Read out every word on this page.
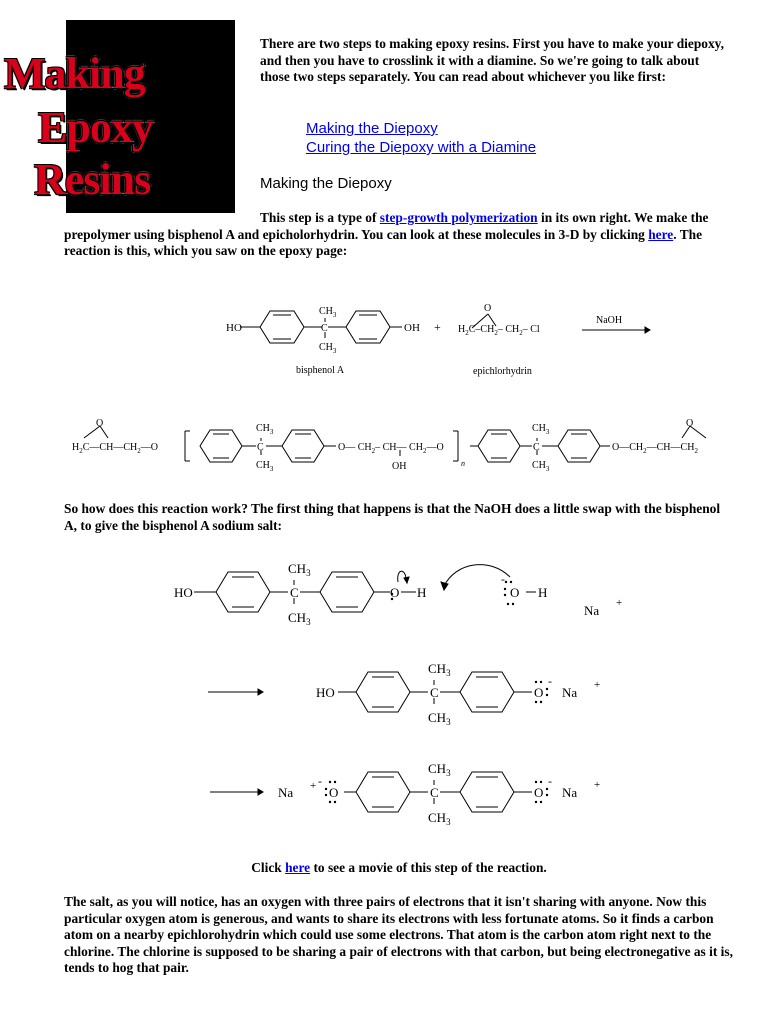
Making
Epoxy
Resins

There are two steps to making epoxy resins. First you have to make your diepoxy, and then you have to crosslink it with a diamine. So we're going to talk about those two steps separately. You can read about whichever you like first:

Making the Diepoxy
Curing the Diepoxy with a Diamine
Making the Diepoxy

This step is a type of step-growth polymerization in its own right. We make the prepolymer using bisphenol A and epicholorhydrin. You can look at these molecules in 3-D by clicking here. The reaction is this, which you saw on the epoxy page:

HO
$CH_3$
C
$CH_3$
OH +
O
$H_2C-CH_2-$ $CH_2-$ Cl
NaOH
bisphenol A	epichlorhydrin
O
$H_2C—CH—CH_2—O$
$CH_3$
C
$CH_3$
O— $CH_2-$ CH— $CH_2—O$
OH	n
$CH_3$
C
$CH_3$
$O—CH_2—CH—CH_2$
O

So how does this reaction work? The first thing that happens is that the NaOH does a little swap with the bisphenol A, to give the bisphenol A sodium salt:

HO
$CH_3$
C
$CH_3$
O H
-
O H
Na +
HO
$CH_3$
C
$CH_3$
O
-
Na +
Na + -
O
$CH_3$
C
$CH_3$
O
-
Na +

Click here to see a movie of this step of the reaction.

The salt, as you will notice, has an oxygen with three pairs of electrons that it isn't sharing with anyone. Now this particular oxygen atom is generous, and wants to share its electrons with less fortunate atoms. So it finds a carbon atom on a nearby epichlorohydrin which could use some electrons. That atom is the carbon atom right next to the chlorine. The chlorine is supposed to be sharing a pair of electrons with that carbon, but being electronegative as it is, tends to hog that pair.
